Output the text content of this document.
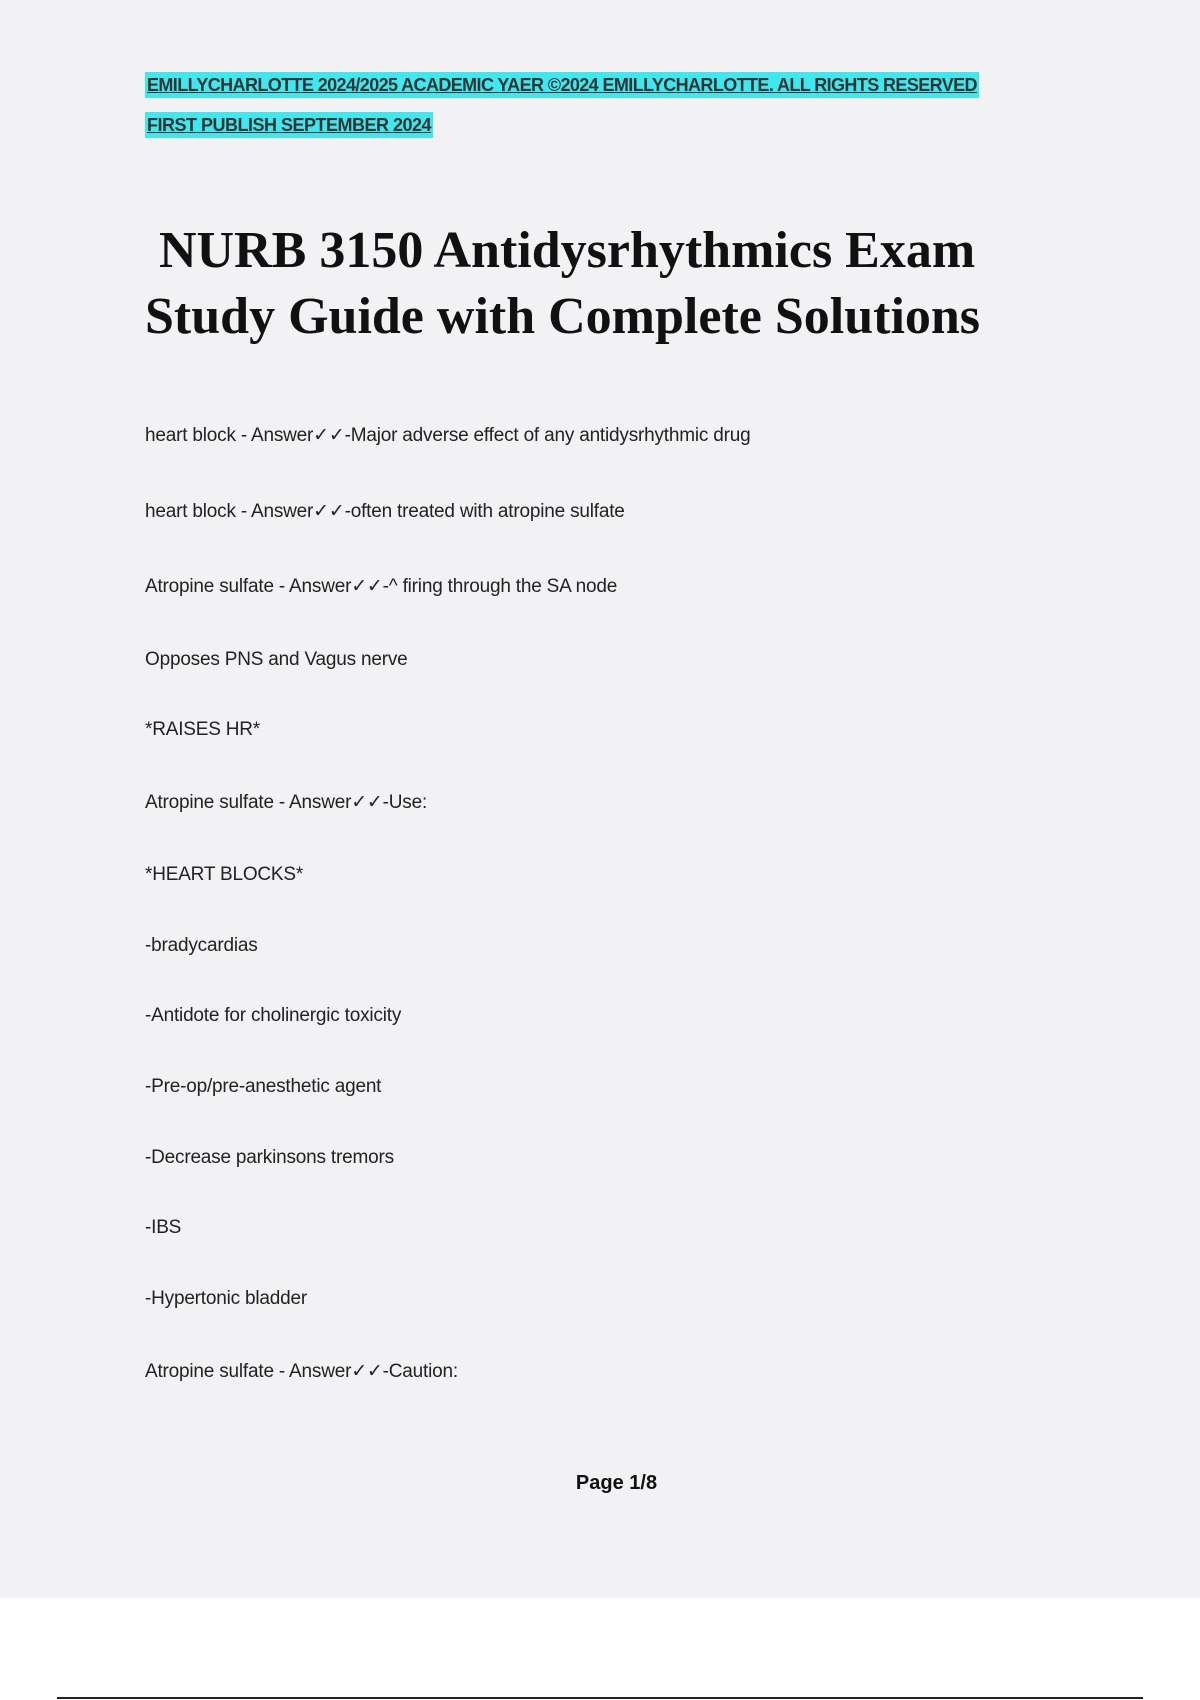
EMILLYCHARLOTTE 2024/2025 ACADEMIC YAER ©2024 EMILLYCHARLOTTE. ALL RIGHTS RESERVED
FIRST PUBLISH SEPTEMBER 2024
NURB 3150 Antidysrhythmics Exam
Study Guide with Complete Solutions
heart block - Answer✓✓-Major adverse effect of any antidysrhythmic drug
heart block - Answer✓✓-often treated with atropine sulfate
Atropine sulfate - Answer✓✓-^ firing through the SA node
Opposes PNS and Vagus nerve
*RAISES HR*
Atropine sulfate - Answer✓✓-Use:
*HEART BLOCKS*
-bradycardias
-Antidote for cholinergic toxicity
-Pre-op/pre-anesthetic agent
-Decrease parkinsons tremors
-IBS
-Hypertonic bladder
Atropine sulfate - Answer✓✓-Caution:
Page 1/8
